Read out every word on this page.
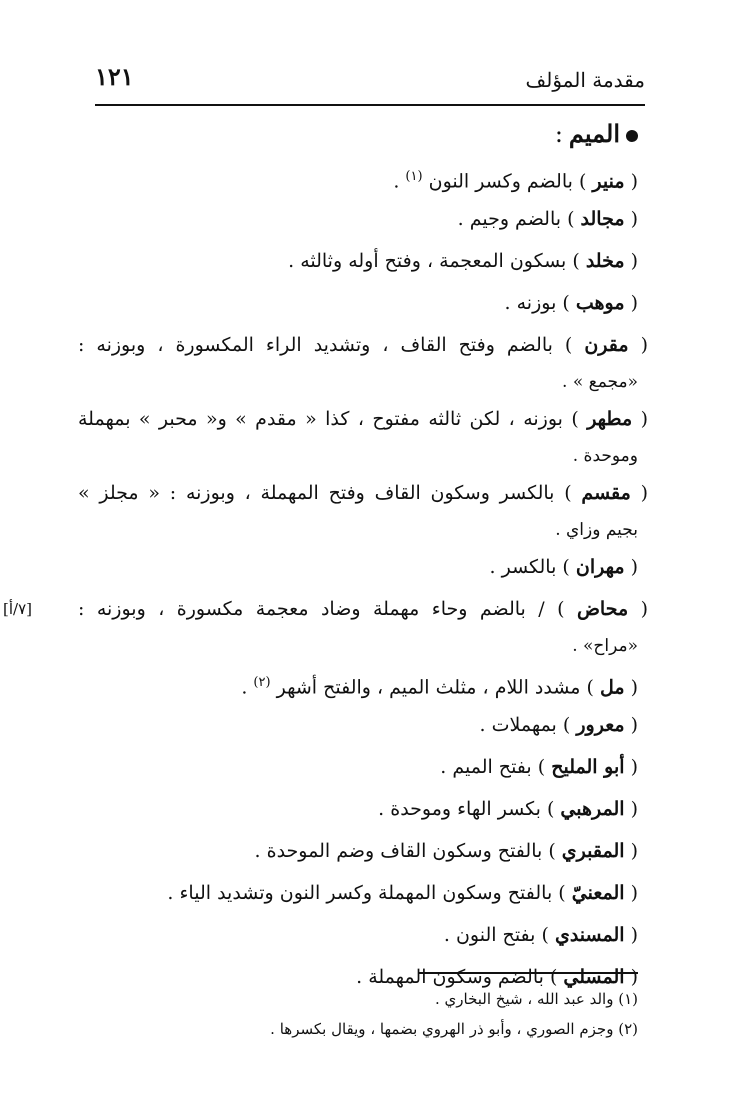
مقدمة المؤلف
١٢١
الميم:
( منير ) بالضم وكسر النون $^{(١)}$ .
( مجالد ) بالضم وجيم .
( مخلد ) بسكون المعجمة ، وفتح أوله وثالثه .
( موهب ) بوزنه .
( مقرن ) بالضم وفتح القاف ، وتشديد الراء المكسورة ، وبوزنه :
«مجمع » .
( مطهر ) بوزنه ، لكن ثالثه مفتوح ، كذا « مقدم » و« محبر » بمهملة
وموحدة .
( مقسم ) بالكسر وسكون القاف وفتح المهملة ، وبوزنه : « مجلز »
بجيم وزاي .
( مهران ) بالكسر .
( محاض ) / بالضم وحاء مهملة وضاد معجمة مكسورة ، وبوزنه :
[٧/أ]
«مراح» .
( مل ) مشدد اللام ، مثلث الميم ، والفتح أشهر $^{(٢)}$ .
( معرور ) بمهملات .
( أبو المليح ) بفتح الميم .
( المرهبي ) بكسر الهاء وموحدة .
( المقبري ) بالفتح وسكون القاف وضم الموحدة .
( المعنيّ ) بالفتح وسكون المهملة وكسر النون وتشديد الياء .
( المسندي ) بفتح النون .
( المسلي ) بالضم وسكون المهملة .
(١) والد عبد الله ، شيخ البخاري .
(٢) وجزم الصوري ، وأبو ذر الهروي بضمها ، ويقال بكسرها .
